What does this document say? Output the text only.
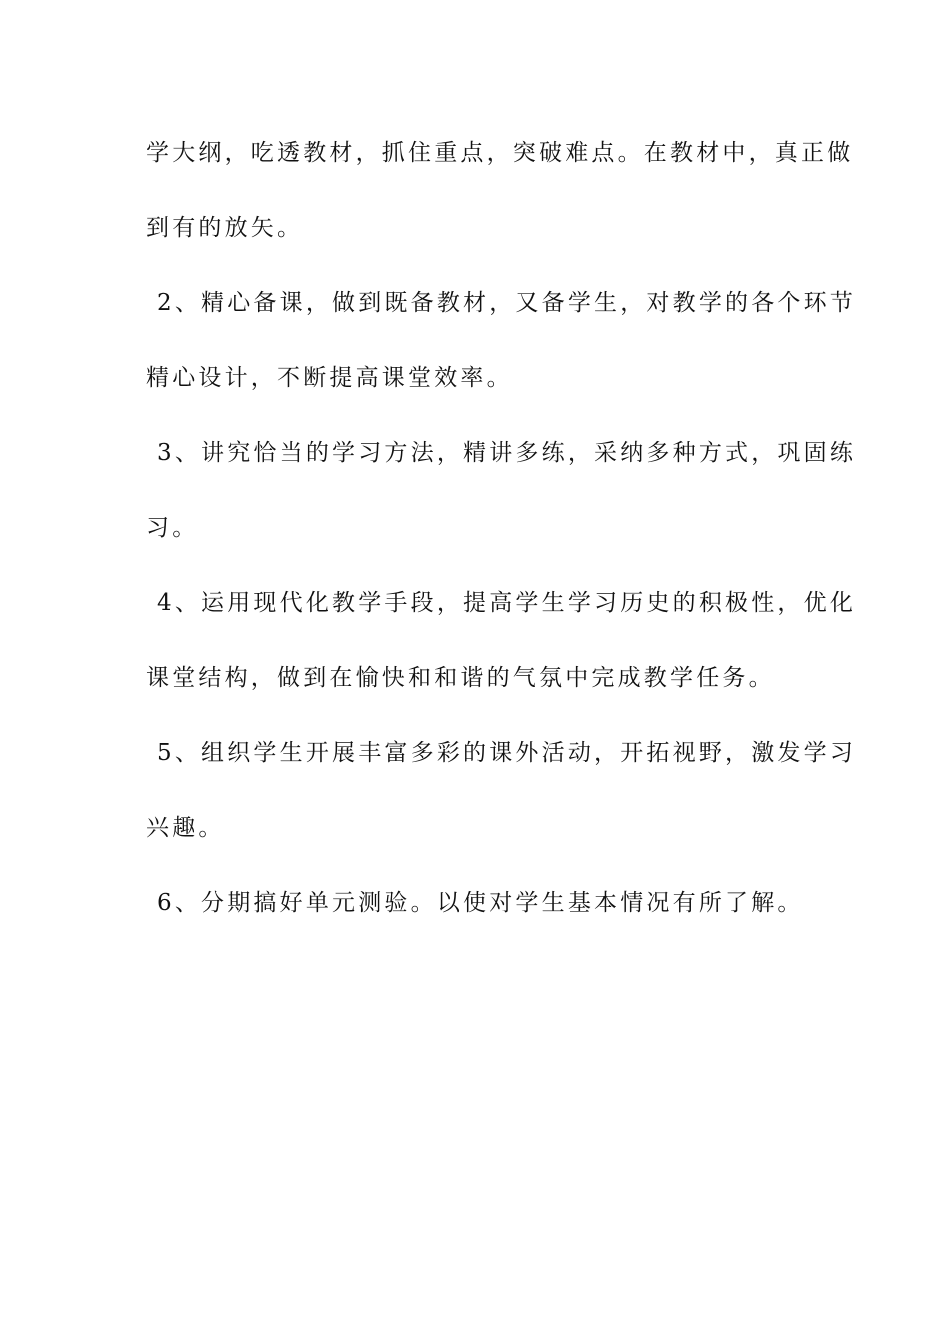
学大纲，吃透教材，抓住重点，突破难点。在教材中，真正做
到有的放矢。
2、精心备课，做到既备教材，又备学生，对教学的各个环节
精心设计，不断提高课堂效率。
3、讲究恰当的学习方法，精讲多练，采纳多种方式，巩固练
习。
4、运用现代化教学手段，提高学生学习历史的积极性，优化
课堂结构，做到在愉快和和谐的气氛中完成教学任务。
5、组织学生开展丰富多彩的课外活动，开拓视野，激发学习
兴趣。
6、分期搞好单元测验。以使对学生基本情况有所了解。
